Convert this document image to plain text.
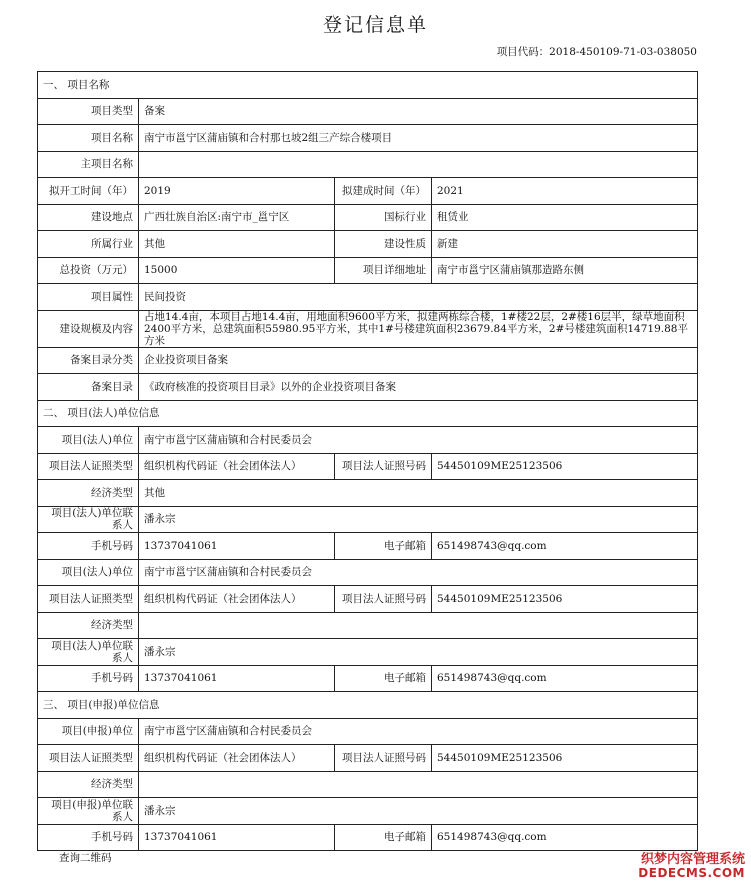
登记信息单
项目代码：2018-450109-71-03-038050
一、 项目名称			
项目类型	备案		
项目名称	南宁市邕宁区蒲庙镇和合村那乜坡2组三产综合楼项目		
主项目名称			
拟开工时间（年）	2019	拟建成时间（年）	2021
建设地点	广西壮族自治区:南宁市_邕宁区	国标行业	租赁业
所属行业	其他	建设性质	新建
总投资（万元）	15000	项目详细地址	南宁市邕宁区蒲庙镇那造路东侧
项目属性	民间投资		
建设规模及内容	占地14.4亩，本项目占地14.4亩，用地面积9600平方米，拟建两栋综合楼，1#楼22层，2#楼16层半，绿草地面积2400平方米，总建筑面积55980.95平方米，其中1#号楼建筑面积23679.84平方米，2#号楼建筑面积14719.88平方米		
备案目录分类	企业投资项目备案		
备案目录	《政府核准的投资项目目录》以外的企业投资项目备案		
二、 项目(法人)单位信息			
项目(法人)单位	南宁市邕宁区蒲庙镇和合村民委员会		
项目法人证照类型	组织机构代码证（社会团体法人）	项目法人证照号码	54450109ME25123506
经济类型	其他		
项目(法人)单位联系人	潘永宗		
手机号码	13737041061	电子邮箱	651498743@qq.com
项目(法人)单位	南宁市邕宁区蒲庙镇和合村民委员会		
项目法人证照类型	组织机构代码证（社会团体法人）	项目法人证照号码	54450109ME25123506
经济类型			
项目(法人)单位联系人	潘永宗		
手机号码	13737041061	电子邮箱	651498743@qq.com
三、 项目(申报)单位信息			
项目(申报)单位	南宁市邕宁区蒲庙镇和合村民委员会		
项目法人证照类型	组织机构代码证（社会团体法人）	项目法人证照号码	54450109ME25123506
经济类型			
项目(申报)单位联系人	潘永宗		
手机号码	13737041061	电子邮箱	651498743@qq.com
查询二维码	织梦内容管理系统
DEDECMS.COM
